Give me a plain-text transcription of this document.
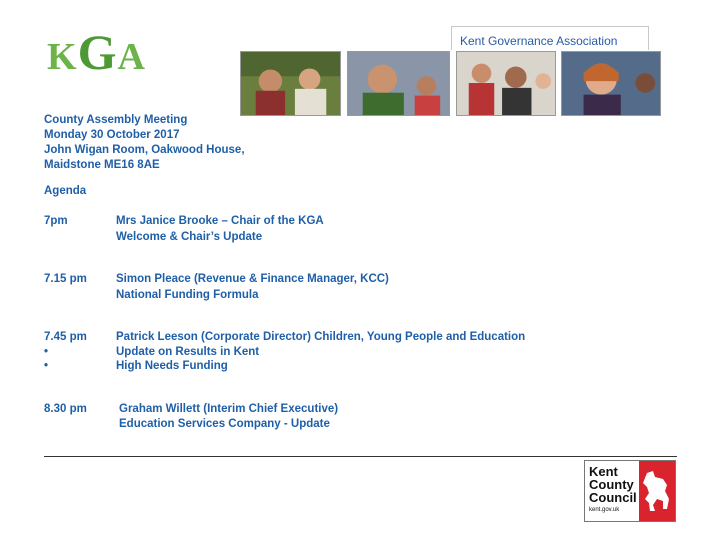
K G A	Kent Governance Association
County Assembly Meeting
Monday 30 October 2017
John Wigan Room, Oakwood House,
Maidstone ME16 8AE
Agenda
7pm	Mrs Janice Brooke – Chair of the KGA
Welcome & Chair’s Update
7.15 pm	Simon Pleace (Revenue & Finance Manager, KCC)
National Funding Formula
7.45 pm	Patrick Leeson (Corporate Director) Children, Young People and Education
•	Update on Results in Kent
•	High Needs Funding
8.30 pm	Graham Willett (Interim Chief Executive)
Education Services Company - Update
Kent
County
Council
kent.gov.uk
